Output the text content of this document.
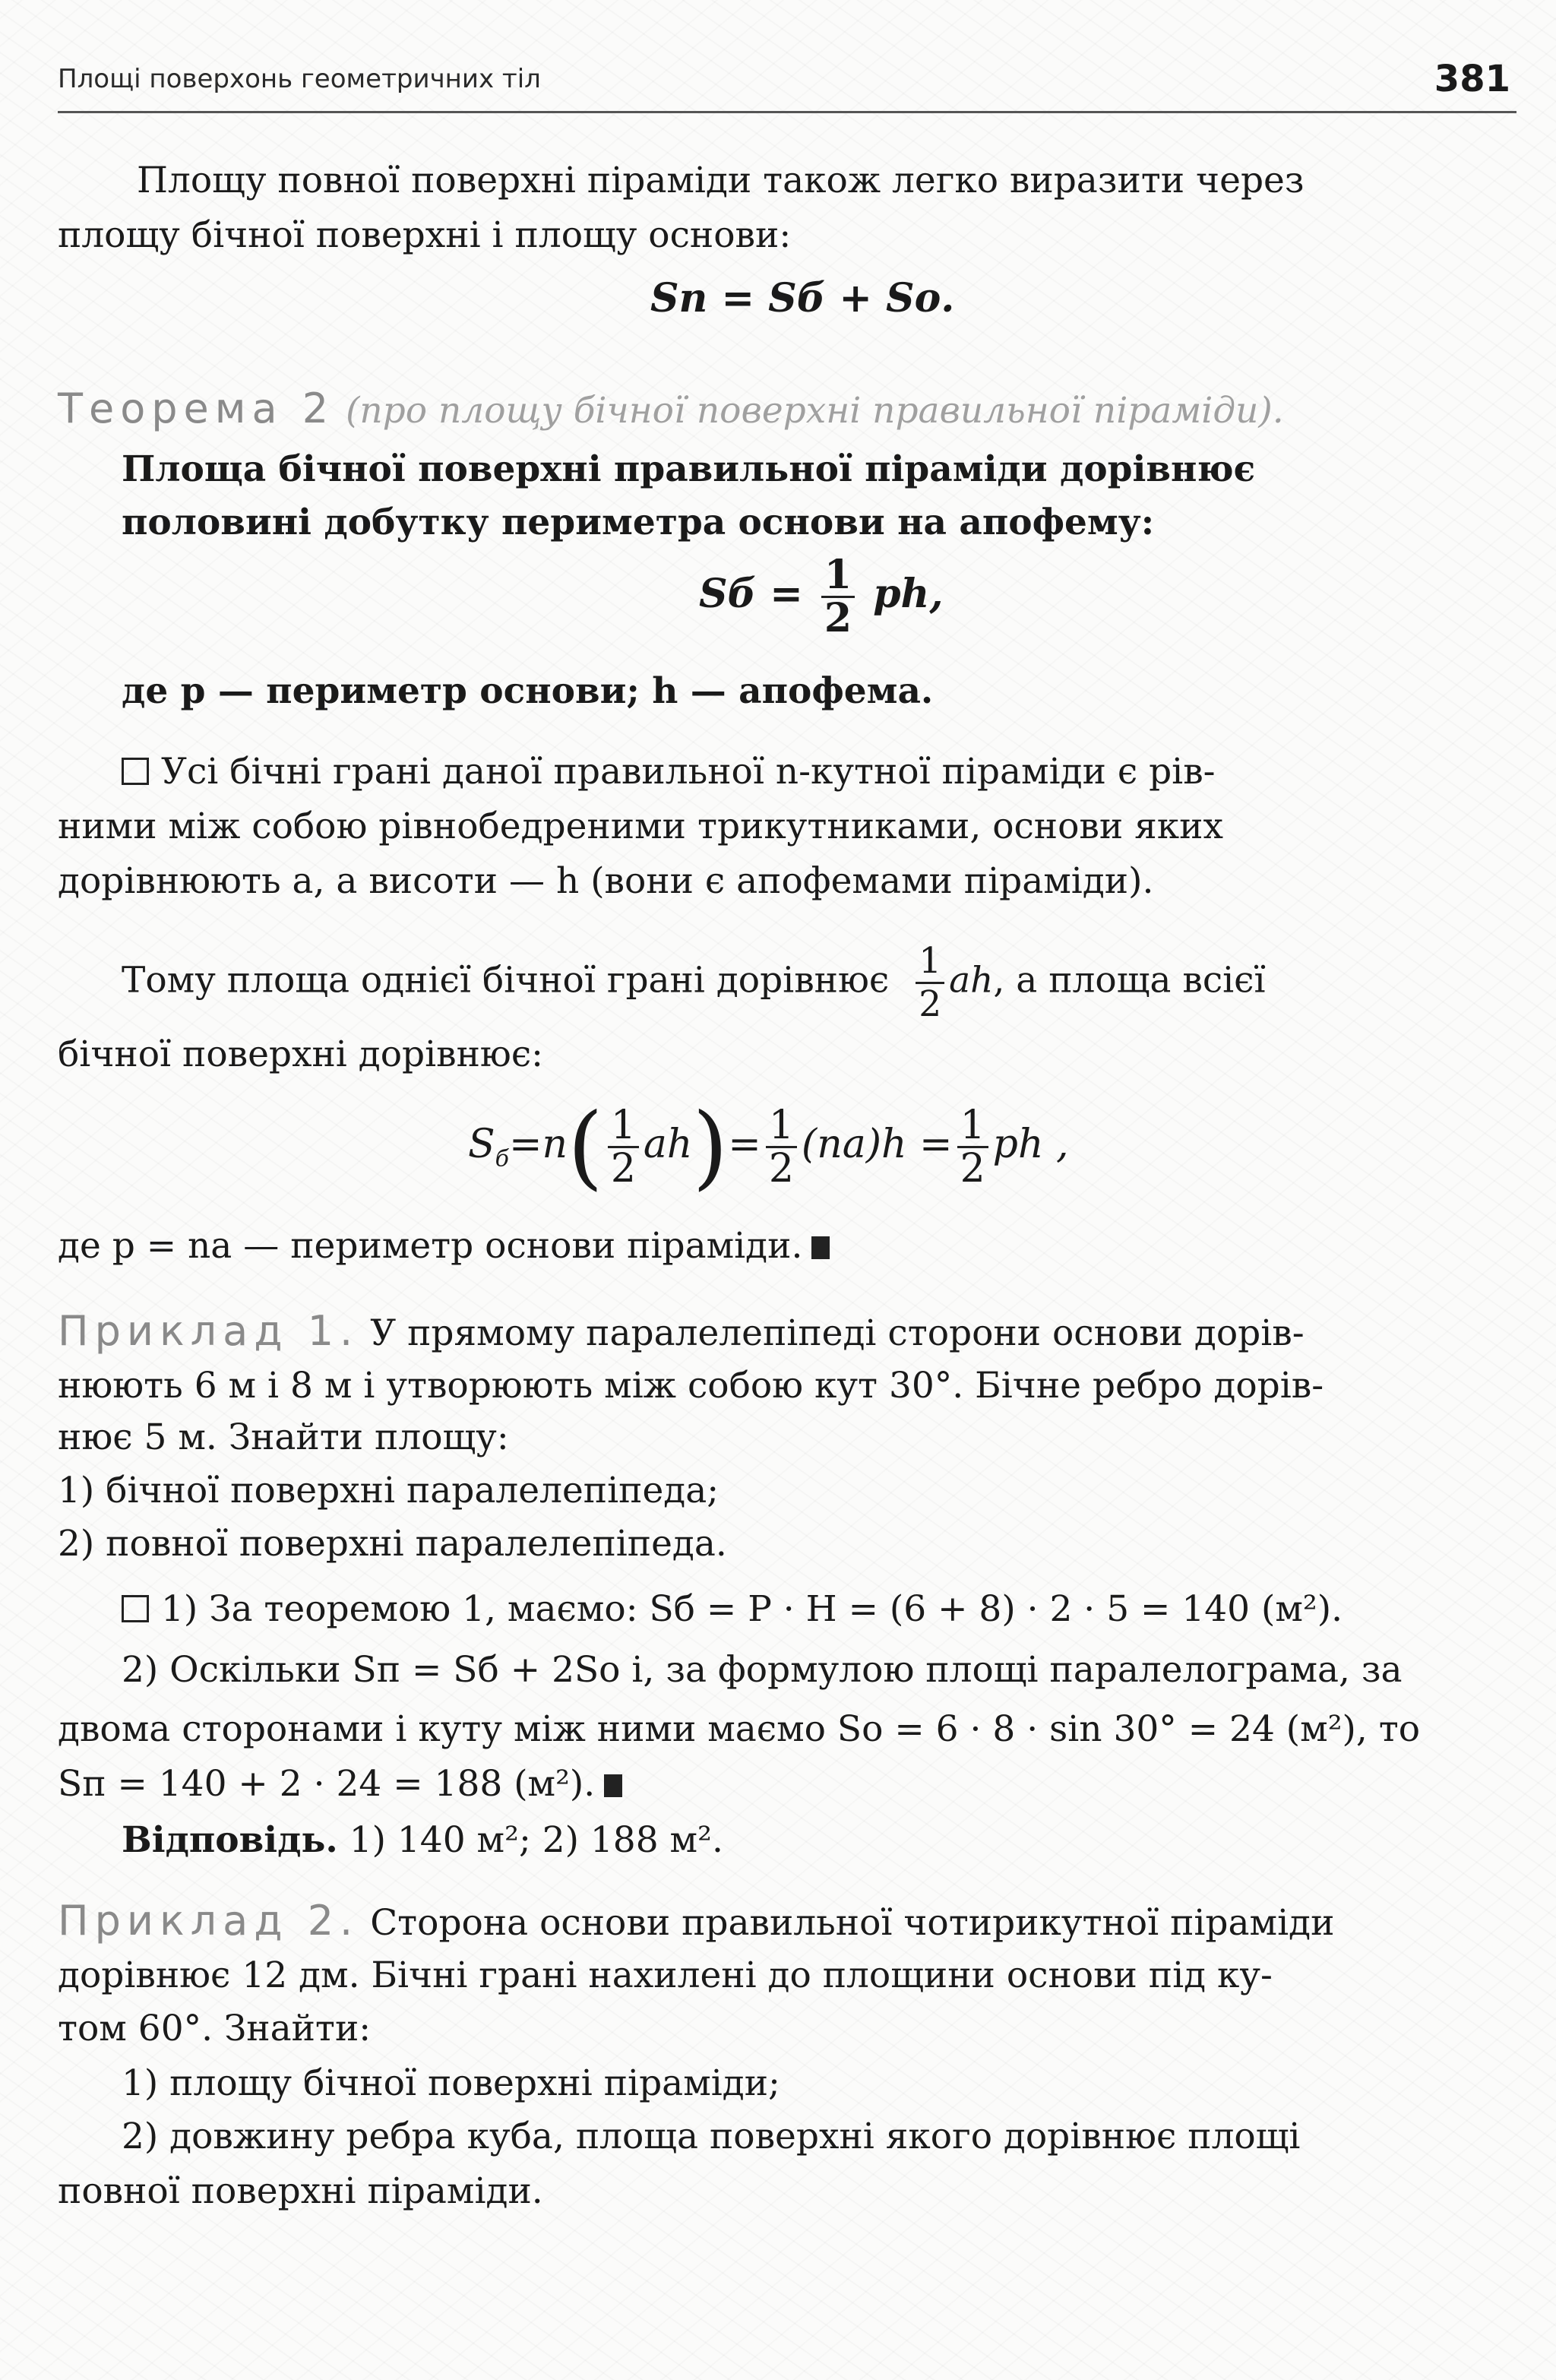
Площі поверхонь геометричних тіл	381
Площу повної поверхні піраміди також легко виразити через
площу бічної поверхні і площу основи:
Sп = Sб + Sо.
Теорема 2 (про площу бічної поверхні правильної піраміди).
Площа бічної поверхні правильної піраміди дорівнює
половині добутку периметра основи на апофему:
Sб = $\frac{1}{2}$ ph,
де p — периметр основи; h — апофема.
Усі бічні грані даної правильної n-кутної піраміди є рів-
ними між собою рівнобедреними трикутниками, основи яких
дорівнюють a, а висоти — h (вони є апофемами піраміди).
Тому площа однієї бічної грані дорівнює $\frac{1}{2}$ ah, а площа всієї
бічної поверхні дорівнює:
$S_б=n( \frac{1}{2} ah)= \frac{1}{2} (na)h = \frac{1}{2}$ ph ,
де p = na — периметр основи піраміди.
Приклад 1. У прямому паралелепіпеді сторони основи дорів-
нюють 6 м і 8 м і утворюють між собою кут 30°. Бічне ребро дорів-
нює 5 м. Знайти площу:
1) бічної поверхні паралелепіпеда;
2) повної поверхні паралелепіпеда.
1) За теоремою 1, маємо: Sб = P · H = (6 + 8) · 2 · 5 = 140 (м²).
2) Оскільки Sп = Sб + 2Sо і, за формулою площі паралелограма, за
двома сторонами і куту між ними маємо Sо = 6 · 8 · sin 30° = 24 (м²), то
Sп = 140 + 2 · 24 = 188 (м²).
Відповідь. 1) 140 м²; 2) 188 м².
Приклад 2. Сторона основи правильної чотирикутної піраміди
дорівнює 12 дм. Бічні грані нахилені до площини основи під ку-
том 60°. Знайти:
1) площу бічної поверхні піраміди;
2) довжину ребра куба, площа поверхні якого дорівнює площі
повної поверхні піраміди.
